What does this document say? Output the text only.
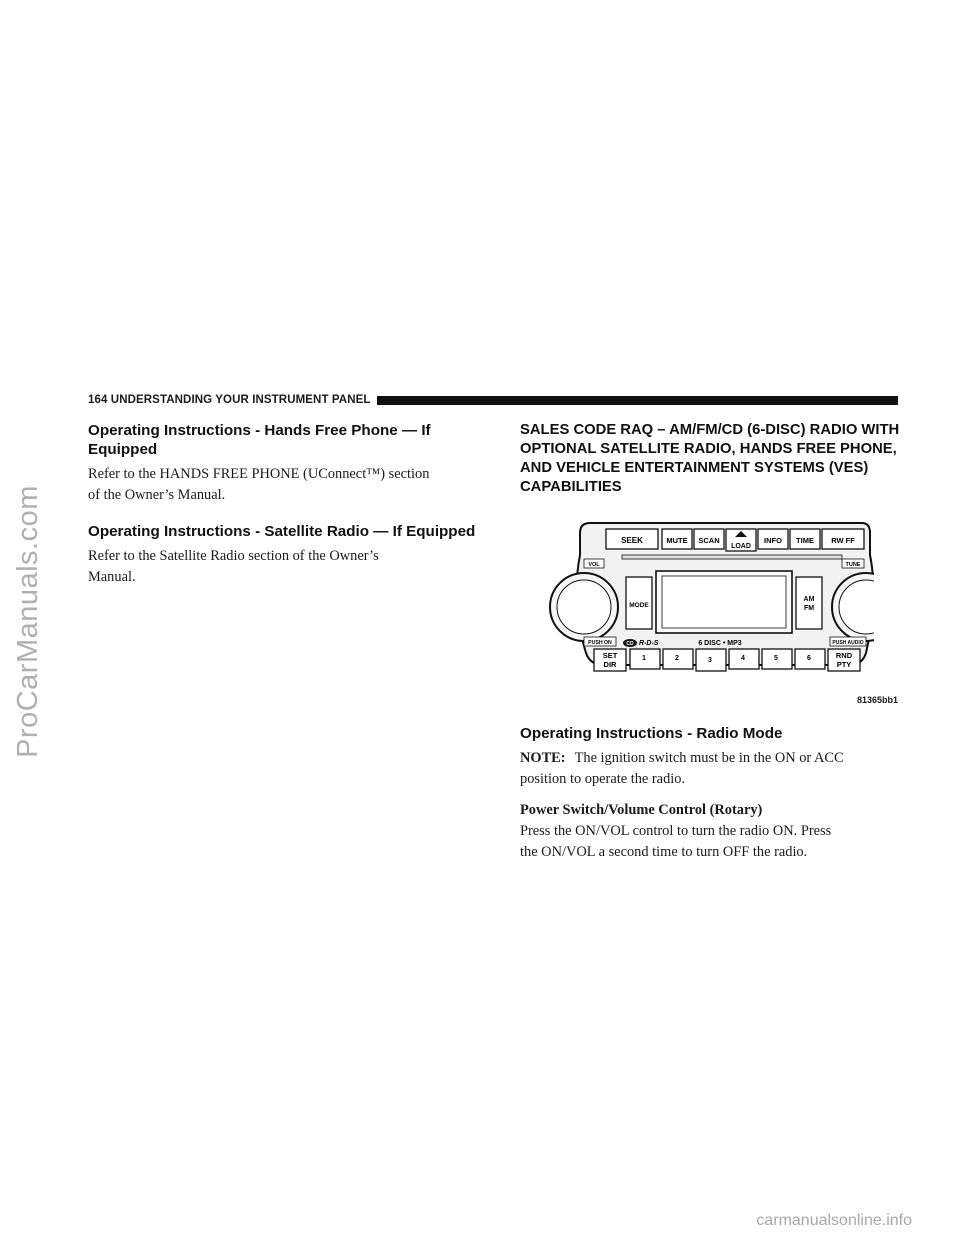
ProCarManuals.com
164 UNDERSTANDING YOUR INSTRUMENT PANEL
Operating Instructions - Hands Free Phone — If Equipped

Refer to the HANDS FREE PHONE (UConnect™) section

of the Owner’s Manual.

Operating Instructions - Satellite Radio — If Equipped

Refer to the Satellite Radio section of the Owner’s

Manual.

SALES CODE RAQ – AM/FM/CD (6-DISC) RADIO WITH OPTIONAL SATELLITE RADIO, HANDS FREE PHONE, AND VEHICLE ENTERTAINMENT SYSTEMS (VES) CAPABILITIES
SEEK	MUTE SCAN
LOAD
INFO TIME RW FF
VOL	TUNE
MODE
AM
FM
PUSH ON	PUSH AUDIO
CD R-D-S	6 DISC • MP3
SET
DIR
1	2	3	4	5	6	RND
PTY
81365bb1
Operating Instructions - Radio Mode

NOTE: The ignition switch must be in the ON or ACC

position to operate the radio.

Power Switch/Volume Control (Rotary)

Press the ON/VOL control to turn the radio ON. Press

the ON/VOL a second time to turn OFF the radio.

carmanualsonline.info
